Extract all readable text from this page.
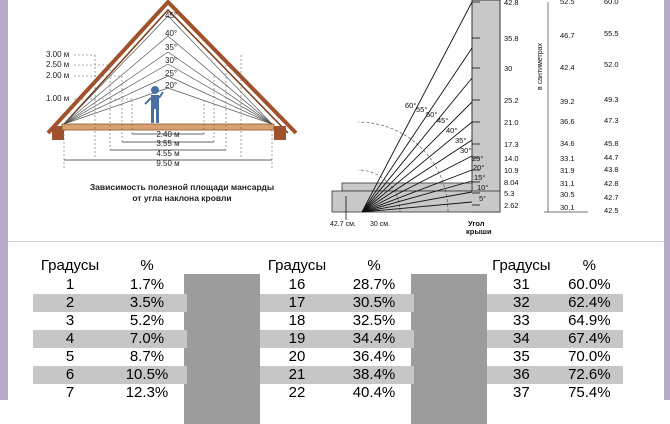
45°
40°
35°
30°
25°
20°
3.00 м
2.50 м
2.00 м
1.00 м
2.40 м
3.55 м
4.55 м
9.50 м
60° 55°
50°
45°
40°
35°
30°
25°
20°
15°
10°
5°
42.8
35.8
30
25.2
21.0
17.3
14.0
10.9
8.04
5.3
2.62
в сантиметрах
52.5
46.7
42.4
39.2
36.6
34.6
33.1
31.9
31.1
30.5
30.1
60.0
55.5
52.0
49.3
47.3
45.8
44.7
43.8
42.8
42.7
42.5
42.7 см. 30 см.	Угол
крыши
Зависимость полезной площади мансарды
от угла наклона кровли
Градусы	%
1	1.7%
2	3.5%
3	5.2%
4	7.0%
5	8.7%
6	10.5%
7	12.3%
Градусы	%
16	28.7%
17	30.5%
18	32.5%
19	34.4%
20	36.4%
21	38.4%
22	40.4%
Градусы	%
31	60.0%
32	62.4%
33	64.9%
34	67.4%
35	70.0%
36	72.6%
37	75.4%
